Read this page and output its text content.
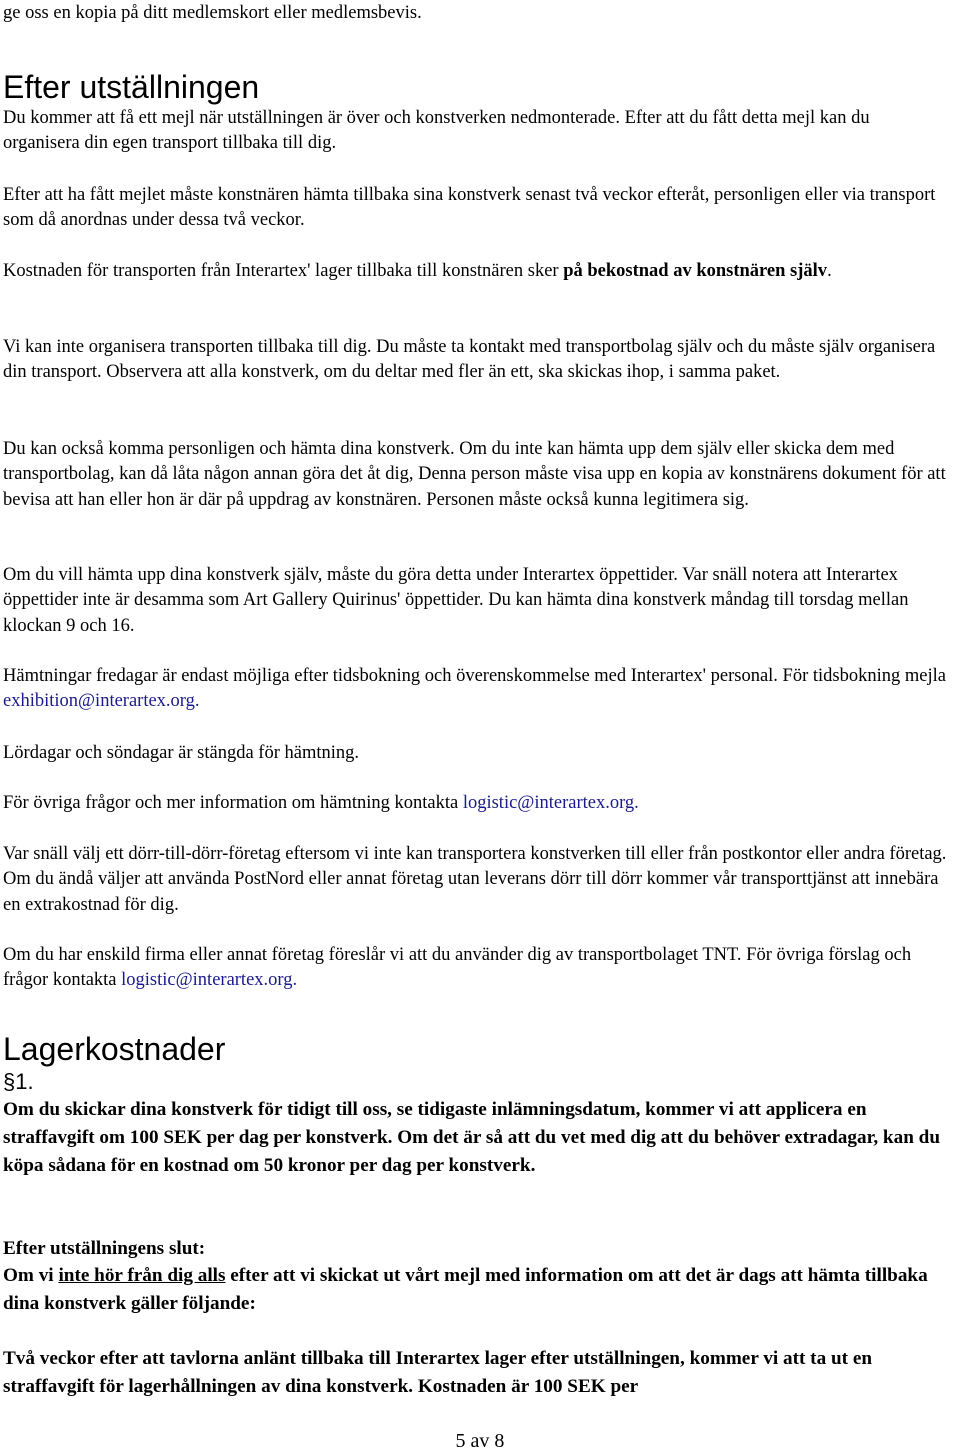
ge oss en kopia på ditt medlemskort eller medlemsbevis.

Efter utställningen

Du kommer att få ett mejl när utställningen är över och konstverken nedmonterade. Efter att du fått detta mejl kan du organisera din egen transport tillbaka till dig.

Efter att ha fått mejlet måste konstnären hämta tillbaka sina konstverk senast två veckor efteråt, personligen eller via transport som då anordnas under dessa två veckor.

Kostnaden för transporten från Interartex' lager tillbaka till konstnären sker på bekostnad av konstnären själv.

Vi kan inte organisera transporten tillbaka till dig. Du måste ta kontakt med transportbolag själv och du måste själv organisera din transport. Observera att alla konstverk, om du deltar med fler än ett, ska skickas ihop, i samma paket.

Du kan också komma personligen och hämta dina konstverk. Om du inte kan hämta upp dem själv eller skicka dem med transportbolag, kan då låta någon annan göra det åt dig, Denna person måste visa upp en kopia av konstnärens dokument för att bevisa att han eller hon är där på uppdrag av konstnären. Personen måste också kunna legitimera sig.

Om du vill hämta upp dina konstverk själv, måste du göra detta under Interartex öppettider. Var snäll notera att Interartex öppettider inte är desamma som Art Gallery Quirinus' öppettider. Du kan hämta dina konstverk måndag till torsdag mellan klockan 9 och 16.

Hämtningar fredagar är endast möjliga efter tidsbokning och överenskommelse med Interartex' personal. För tidsbokning mejla exhibition@interartex.org.

Lördagar och söndagar är stängda för hämtning.

För övriga frågor och mer information om hämtning kontakta logistic@interartex.org.

Var snäll välj ett dörr-till-dörr-företag eftersom vi inte kan transportera konstverken till eller från postkontor eller andra företag. Om du ändå väljer att använda PostNord eller annat företag utan leverans dörr till dörr kommer vår transporttjänst att innebära en extrakostnad för dig.

Om du har enskild firma eller annat företag föreslår vi att du använder dig av transportbolaget TNT. För övriga förslag och frågor kontakta logistic@interartex.org.

Lagerkostnader

§1.

Om du skickar dina konstverk för tidigt till oss, se tidigaste inlämningsdatum, kommer vi att applicera en straffavgift om 100 SEK per dag per konstverk. Om det är så att du vet med dig att du behöver extradagar, kan du köpa sådana för en kostnad om 50 kronor per dag per konstverk.

Efter utställningens slut:

Om vi inte hör från dig alls efter att vi skickat ut vårt mejl med information om att det är dags att hämta tillbaka dina konstverk gäller följande:

Två veckor efter att tavlorna anlänt tillbaka till Interartex lager efter utställningen, kommer vi att ta ut en straffavgift för lagerhållningen av dina konstverk. Kostnaden är 100 SEK per

5 av 8
